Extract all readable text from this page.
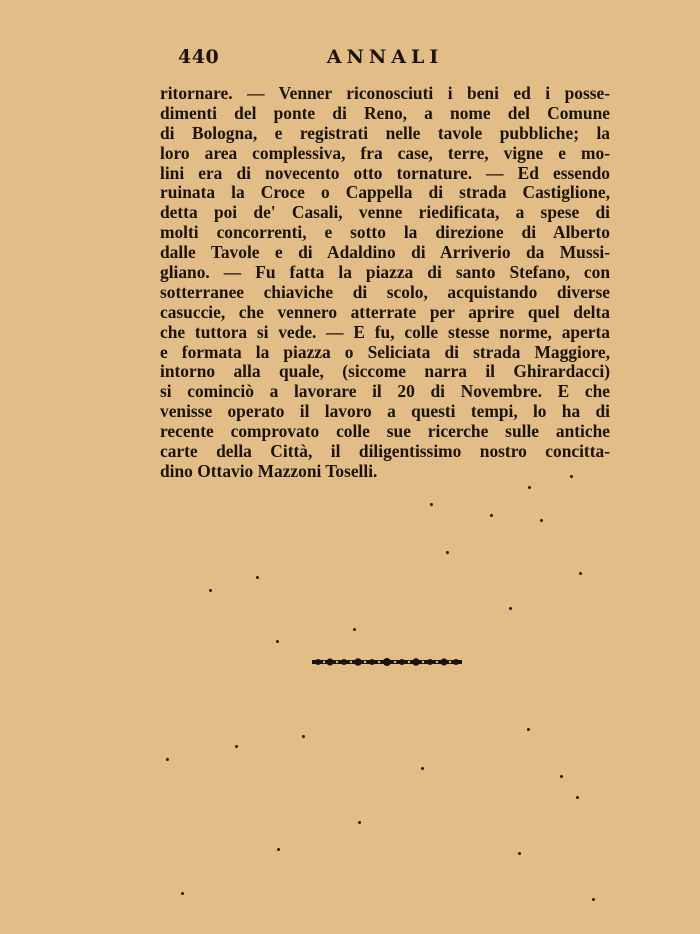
440	ANNALI
ritornare. — Venner riconosciuti i beni ed i posse-
dimenti del ponte di Reno, a nome del Comune
di Bologna, e registrati nelle tavole pubbliche; la
loro area complessiva, fra case, terre, vigne e mo-
lini era di novecento otto tornature. — Ed essendo
ruinata la Croce o Cappella di strada Castiglione,
detta poi de' Casali, venne riedificata, a spese di
molti concorrenti, e sotto la direzione di Alberto
dalle Tavole e di Adaldino di Arriverio da Mussi-
gliano. — Fu fatta la piazza di santo Stefano, con
sotterranee chiaviche di scolo, acquistando diverse
casuccie, che vennero atterrate per aprire quel delta
che tuttora si vede. — E fu, colle stesse norme, aperta
e formata la piazza o Seliciata di strada Maggiore,
intorno alla quale, (siccome narra il Ghirardacci)
si cominciò a lavorare il 20 di Novembre. E che
venisse operato il lavoro a questi tempi, lo ha di
recente comprovato colle sue ricerche sulle antiche
carte della Città, il diligentissimo nostro concitta-
dino Ottavio Mazzoni Toselli.
